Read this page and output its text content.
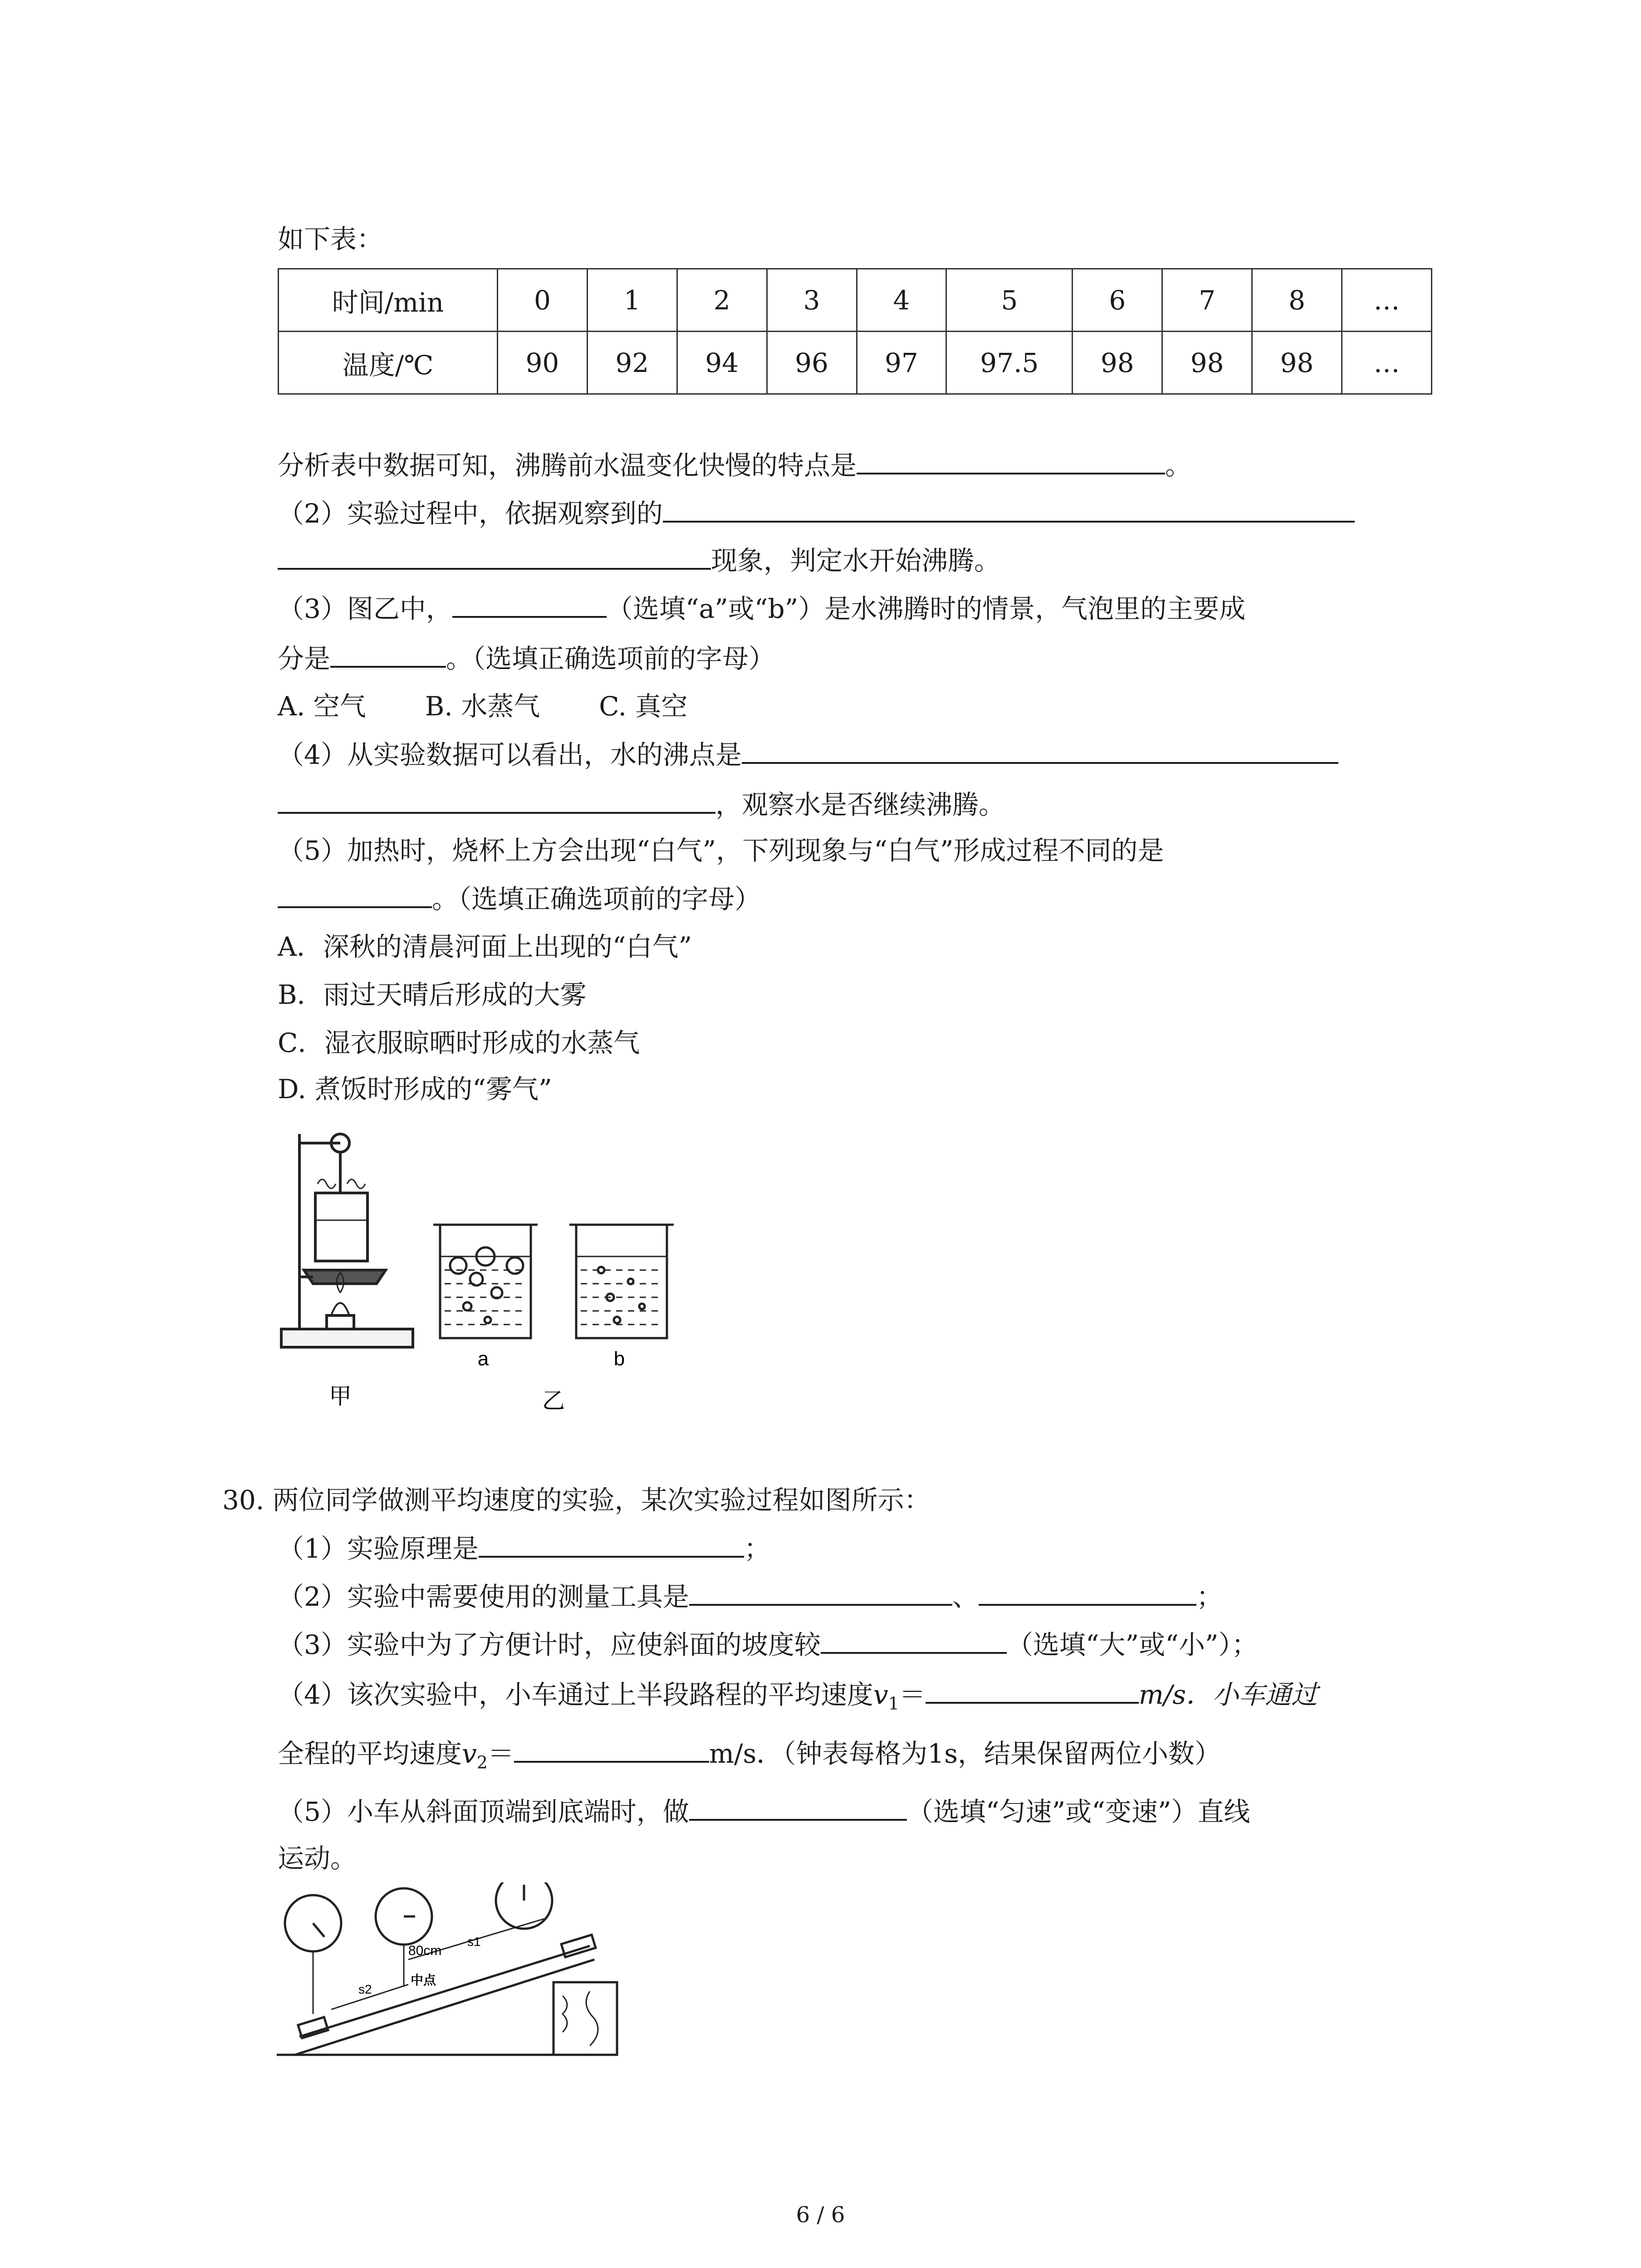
如下表：
时间/min	0	1	2	3	4	5	6	7	8	…
温度/℃	90	92	94	96	97	97.5	98	98	98	…
分析表中数据可知，沸腾前水温变化快慢的特点是	。
（2）实验过程中，依据观察到的
现象，判定水开始沸腾。
（3）图乙中，	（选填“a”或“b”）是水沸腾时的情景，气泡里的主要成
分是	。（选填正确选项前的字母）
A. 空气 B. 水蒸气 C. 真空
（4）从实验数据可以看出，水的沸点是
，观察水是否继续沸腾。
（5）加热时，烧杯上方会出现“白气”，下列现象与“白气”形成过程不同的是
。（选填正确选项前的字母）
A．深秋的清晨河面上出现的“白气”
B．雨过天晴后形成的大雾
C．湿衣服晾晒时形成的水蒸气
D. 煮饭时形成的“雾气”
a	b
甲	乙
30. 两位同学做测平均速度的实验，某次实验过程如图所示：
（1）实验原理是	；
（2）实验中需要使用的测量工具是	、	；
（3）实验中为了方便计时，应使斜面的坡度较	（选填“大”或“小”）；
（4）该次实验中，小车通过上半段路程的平均速度$v_1=$	m/s．小车通过
全程的平均速度$v_2=$	m/s．（钟表每格为1s，结果保留两位小数）
（5）小车从斜面顶端到底端时，做	（选填“匀速”或“变速”）直线
运动。
80cm
s1
s2
中点
6 / 6
